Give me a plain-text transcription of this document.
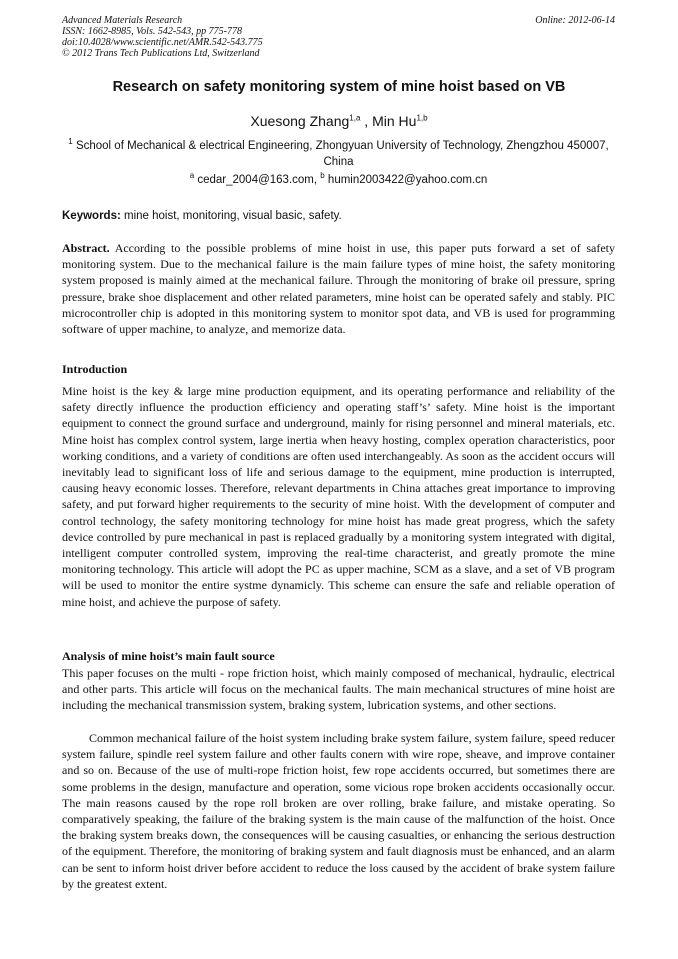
Advanced Materials Research
ISSN: 1662-8985, Vols. 542-543, pp 775-778
doi:10.4028/www.scientific.net/AMR.542-543.775
© 2012 Trans Tech Publications Ltd, Switzerland
Online: 2012-06-14
Research on safety monitoring system of mine hoist based on VB
Xuesong Zhang$^{1,a}$ , Min Hu$^{1,b}$
$^1$ School of Mechanical & electrical Engineering, Zhongyuan University of Technology, Zhengzhou 450007, China
$^a$ cedar_2004@163.com, $^b$ humin2003422@yahoo.com.cn
Keywords: mine hoist, monitoring, visual basic, safety.
Abstract. According to the possible problems of mine hoist in use, this paper puts forward a set of safety monitoring system. Due to the mechanical failure is the main failure types of mine hoist, the safety monitoring system proposed is mainly aimed at the mechanical failure. Through the monitoring of brake oil pressure, spring pressure, brake shoe displacement and other related parameters, mine hoist can be operated safely and stably. PIC microcontroller chip is adopted in this monitoring system to monitor spot data, and VB is used for programming software of upper machine, to analyze, and memorize data.
Introduction
Mine hoist is the key & large mine production equipment, and its operating performance and reliability of the safety directly influence the production efficiency and operating staff’s’ safety. Mine hoist is the important equipment to connect the ground surface and underground, mainly for rising personnel and mineral materials, etc. Mine hoist has complex control system, large inertia when heavy hosting, complex operation characteristics, poor working conditions, and a variety of conditions are often used interchangeably. As soon as the accident occurs will inevitably lead to significant loss of life and serious damage to the equipment, mine production is interrupted, causing heavy economic losses. Therefore, relevant departments in China attaches great importance to improving safety, and put forward higher requirements to the security of mine hoist. With the development of computer and control technology, the safety monitoring technology for mine hoist has made great progress, which the safety device controlled by pure mechanical in past is replaced gradually by a monitoring system integrated with digital, intelligent computer controlled system, improving the real-time characterist, and greatly promote the mine monitoring technology. This article will adopt the PC as upper machine, SCM as a slave, and a set of VB program will be used to monitor the entire systme dynamicly. This scheme can ensure the safe and reliable operation of mine hoist, and achieve the purpose of safety.
Analysis of mine hoist’s main fault source
This paper focuses on the multi - rope friction hoist, which mainly composed of mechanical, hydraulic, electrical and other parts. This article will focus on the mechanical faults. The main mechanical structures of mine hoist are including the mechanical transmission system, braking system, lubrication systems, and other sections.
Common mechanical failure of the hoist system including brake system failure, system failure, speed reducer system failure, spindle reel system failure and other faults conern with wire rope, sheave, and improve container and so on. Because of the use of multi-rope friction hoist, few rope accidents occurred, but sometimes there are some problems in the design, manufacture and operation, some vicious rope broken accidents occasionally occur. The main reasons caused by the rope roll broken are over rolling, brake failure, and mistake operating. So comparatively speaking, the failure of the braking system is the main cause of the malfunction of the hoist. Once the braking system breaks down, the consequences will be causing casualties, or enhancing the serious destruction of the equipment. Therefore, the monitoring of braking system and fault diagnosis must be enhanced, and an alarm can be sent to inform hoist driver before accident to reduce the loss caused by the accident of brake system failure by the greatest extent.
